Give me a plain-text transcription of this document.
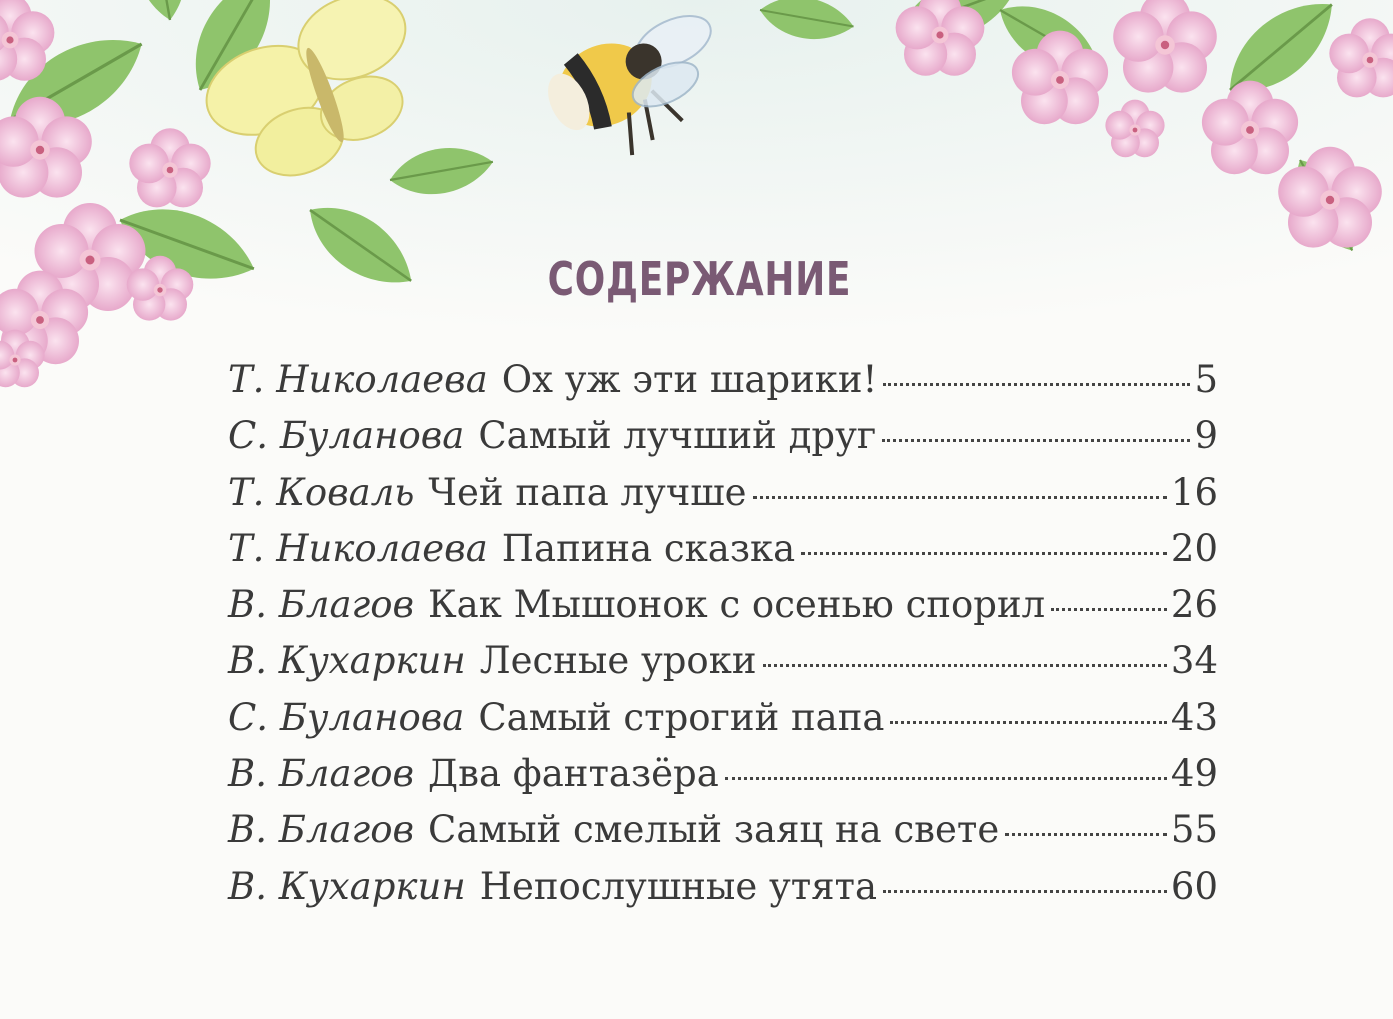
СОДЕРЖАНИЕ
Т. Николаева Ох уж эти шарики!	5
С. Буланова Самый лучший друг	9
Т. Коваль Чей папа лучше	16
Т. Николаева Папина сказка	20
В. Благов Как Мышонок с осенью спорил	26
В. Кухаркин Лесные уроки	34
С. Буланова Самый строгий папа	43
В. Благов Два фантазёра	49
В. Благов Самый смелый заяц на свете	55
В. Кухаркин Непослушные утята	60
